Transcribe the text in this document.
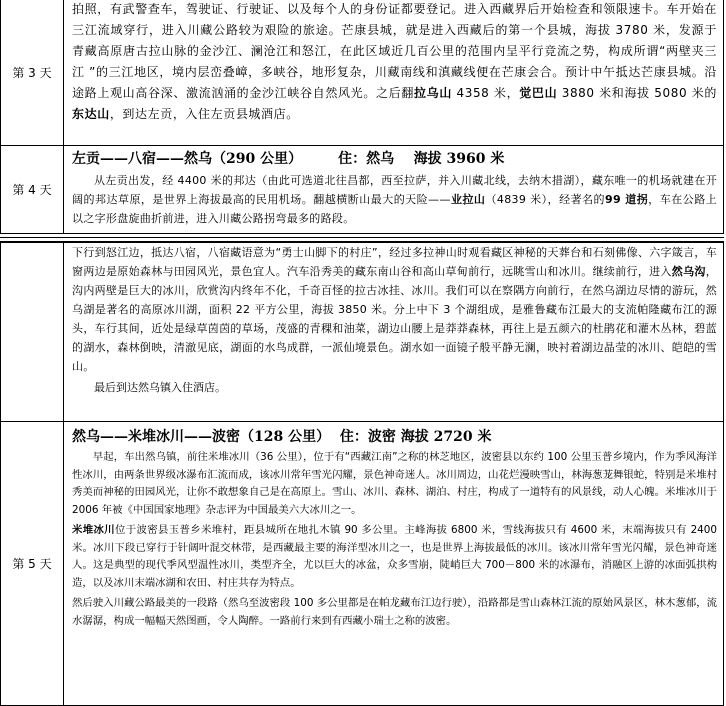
第 3 天	拍照，有武警查车，驾驶证、行驶证、以及每个人的身份证都要登记。进入西藏界后开始检查和领限速卡。车开始在三江流域穿行，进入川藏公路较为艰险的旅途。芒康县城，就是进入西藏后的第一个县城，海拔 3780 米，发源于青藏高原唐古拉山脉的金沙江、澜沧江和怒江，在此区域近几百公里的范围内呈平行竞流之势，构成所谓“两壁夹三江 ”的三江地区，境内层峦叠嶂，多峡谷，地形复杂，川藏南线和滇藏线便在芒康会合。预计中午抵达芒康县城。沿途路上观山高谷深、激流汹涌的金沙江峡谷自然风光。之后翻拉乌山 4358 米，觉巴山 3880 米和海拔 5080 米的东达山，到达左贡，入住左贡县城酒店。

第 4 天	左贡——八宿——然乌（290 公里） 住：然乌 海拔 3960 米

从左贡出发，经 4400 米的邦达（由此可选道北往昌都，西至拉萨，并入川藏北线，去纳木措湖），藏东唯一的机场就建在开阔的邦达草原，是世界上海拔最高的民用机场。翻越横断山最大的天险——业拉山（4839 米），经著名的99 道拐，车在公路上以之字形盘旋曲折前进，进入川藏公路拐弯最多的路段。

	下行到怒江边，抵达八宿，八宿藏语意为“勇士山脚下的村庄”，经过多拉神山时观看藏区神秘的天葬台和石刻佛像、六字箴言，车窗两边是原始森林与田园风光，景色宜人。汽车沿秀美的藏东南山谷和高山草甸前行，远眺雪山和冰川。继续前行，进入然乌沟，沟内两壁是巨大的冰川，欣赏沟内终年不化，千奇百怪的拉古冰挂、冰川。我们可以在察隅方向前行，在然乌湖边尽情的游玩，然乌湖是著名的高原冰川湖，面积 22 平方公里，海拔 3850 米。分上中下 3 个湖组成，是雅鲁藏布江最大的支流帕隆藏布江的源头，车行其间，近处是绿草茵茵的草场，茂盛的青稞和油菜，湖边山腰上是莽莽森林，再往上是五颜六的杜鹃花和灌木丛林，碧蓝的湖水，森林倒映，清澈见底，湖面的水鸟成群，一派仙境景色。湖水如一面镜子般平静无澜，映衬着湖边晶莹的冰川、皑皑的雪山。

最后到达然乌镇入住酒店。

第 5 天	然乌——米堆冰川——波密（128 公里） 住：波密 海拔 2720 米

早起，车出然乌镇，前往米堆冰川（36 公里），位于有“西藏江南”之称的林芝地区，波密县以东约 100 公里玉普乡境内，作为季风海洋性冰川，由两条世界级冰瀑布汇流而成，该冰川常年雪光闪耀，景色神奇迷人。冰川周边，山花烂漫映雪山，林海葱茏舞银蛇，特别是米堆村秀美而神秘的田园风光，让你不敢想象自己是在高原上。雪山、冰川、森林、湖泊、村庄，构成了一道特有的风景线，动人心魄。米堆冰川于 2006 年被《中国国家地理》杂志评为中国最美六大冰川之一。

米堆冰川位于波密县玉普乡米堆村，距县城所在地扎木镇 90 多公里。主峰海拔 6800 米，雪线海拔只有 4600 米，末端海拔只有 2400 米。冰川下段已穿行于针阔叶混交林带，是西藏最主要的海洋型冰川之一，也是世界上海拔最低的冰川。该冰川常年雪光闪耀，景色神奇迷人。这是典型的现代季风型温性冰川，类型齐全，尤以巨大的冰盆，众多雪崩，陡峭巨大 700－800 米的冰瀑布，消融区上游的冰面弧拱构造，以及冰川末端冰湖和农田、村庄共存为特点。

然后驶入川藏公路最美的一段路（然乌至波密段 100 多公里都是在帕龙藏布江边行驶），沿路都是雪山森林江流的原始风景区，林木葱郁，流水潺潺，构成一幅幅天然图画，令人陶醉。一路前行来到有西藏小瑞士之称的波密。
